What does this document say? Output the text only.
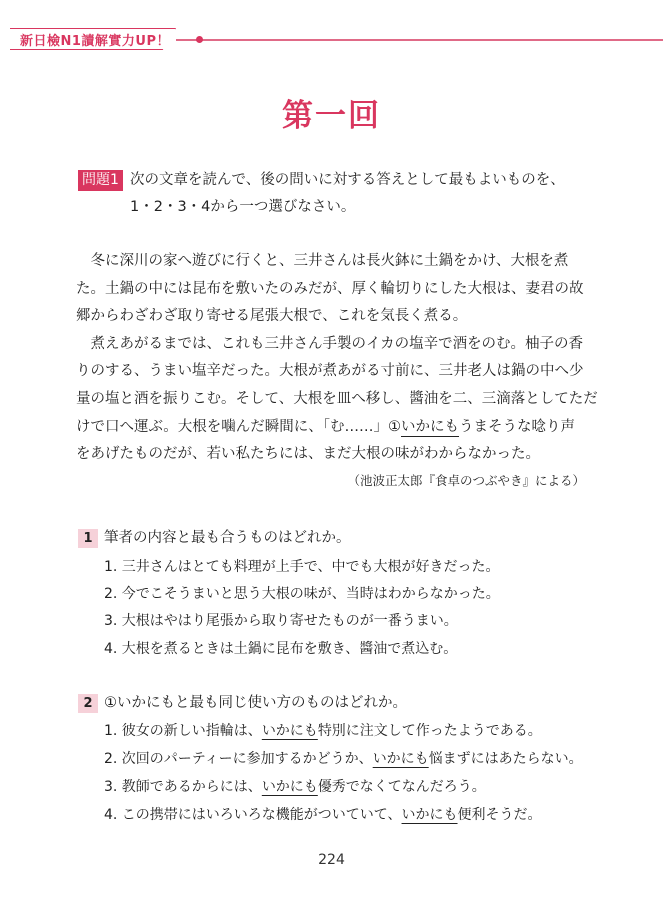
新日檢N1讀解實力UP！
第一回
問題1 次の文章を読んで、後の問いに対する答えとして最もよいものを、
1・2・3・4から一つ選びなさい。
　冬に深川の家へ遊びに行くと、三井さんは長火鉢に土鍋をかけ、大根を煮
た。土鍋の中には昆布を敷いたのみだが、厚く輪切りにした大根は、妻君の故
郷からわざわざ取り寄せる尾張大根で、これを気長く煮る。
　煮えあがるまでは、これも三井さん手製のイカの塩辛で酒をのむ。柚子の香
りのする、うまい塩辛だった。大根が煮あがる寸前に、三井老人は鍋の中へ少
量の塩と酒を振りこむ。そして、大根を皿へ移し、醬油を二、三滴落としてただ
けで口へ運ぶ。大根を噛んだ瞬間に、「む……」①いかにもうまそうな唸り声
をあげたものだが、若い私たちには、まだ大根の味がわからなかった。
（池波正太郎『食卓のつぶやき』による）
1 筆者の内容と最も合うものはどれか。
1. 三井さんはとても料理が上手で、中でも大根が好きだった。
2. 今でこそうまいと思う大根の味が、当時はわからなかった。
3. 大根はやはり尾張から取り寄せたものが一番うまい。
4. 大根を煮るときは土鍋に昆布を敷き、醬油で煮込む。
2 ①いかにもと最も同じ使い方のものはどれか。
1. 彼女の新しい指輪は、いかにも特別に注文して作ったようである。
2. 次回のパーティーに参加するかどうか、いかにも悩まずにはあたらない。
3. 教師であるからには、いかにも優秀でなくてなんだろう。
4. この携帯にはいろいろな機能がついていて、いかにも便利そうだ。
224
